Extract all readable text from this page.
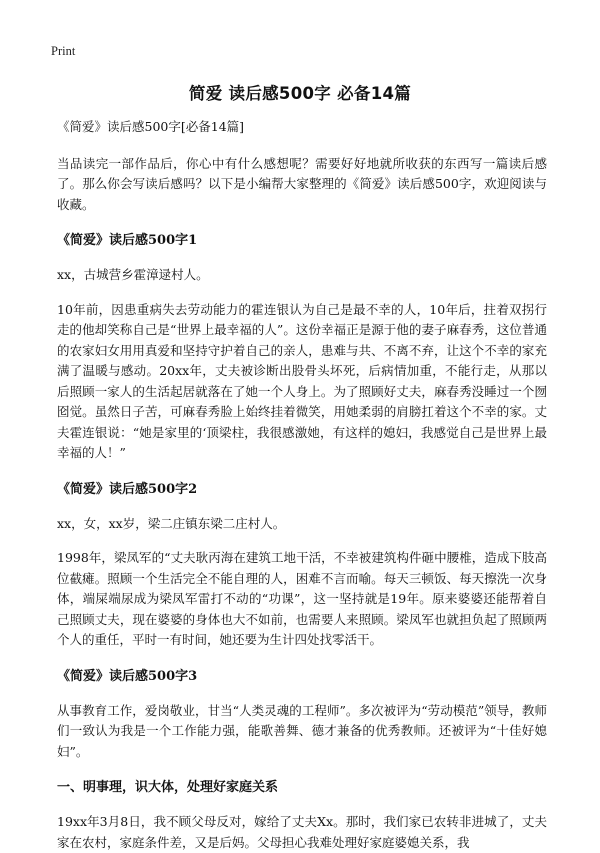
Print
简爱 读后感500字 必备14篇

《简爱》读后感500字[必备14篇]

当品读完一部作品后，你心中有什么感想呢？需要好好地就所收获的东西写一篇读后感了。那么你会写读后感吗？以下是小编帮大家整理的《简爱》读后感500字，欢迎阅读与收藏。

《简爱》读后感500字1

xx，古城营乡霍漳逯村人。

10年前，因患重病失去劳动能力的霍连银认为自己是最不幸的人，10年后，拄着双拐行走的他却笑称自己是“世界上最幸福的人”。这份幸福正是源于他的妻子麻春秀，这位普通的农家妇女用用真爱和坚持守护着自己的亲人，患难与共、不离不弃，让这个不幸的家充满了温暖与感动。20xx年，丈夫被诊断出股骨头坏死，后病情加重，不能行走，从那以后照顾一家人的生活起居就落在了她一个人身上。为了照顾好丈夫，麻春秀没睡过一个囫囵觉。虽然日子苦，可麻春秀脸上始终挂着微笑，用她柔弱的肩膀扛着这个不幸的家。丈夫霍连银说：“她是家里的‘顶梁柱，我很感激她，有这样的媳妇，我感觉自己是世界上最幸福的人！”

《简爱》读后感500字2

xx，女，xx岁，梁二庄镇东梁二庄村人。

1998年，梁凤军的“丈夫耿丙海在建筑工地干活，不幸被建筑构件砸中腰椎，造成下肢高位截瘫。照顾一个生活完全不能自理的人，困难不言而喻。每天三顿饭、每天擦洗一次身体，端屎端尿成为梁凤军雷打不动的“功课”，这一坚持就是19年。原来婆婆还能帮着自己照顾丈夫，现在婆婆的身体也大不如前，也需要人来照顾。梁凤军也就担负起了照顾两个人的重任，平时一有时间，她还要为生计四处找零活干。

《简爱》读后感500字3

从事教育工作，爱岗敬业，甘当“人类灵魂的工程师”。多次被评为“劳动模范”领导，教师们一致认为我是一个工作能力强，能歌善舞、德才兼备的优秀教师。还被评为“十佳好媳妇”。

一、明事理，识大体，处理好家庭关系

19xx年3月8日，我不顾父母反对，嫁给了丈夫Xx。那时，我们家已农转非进城了，丈夫家在农村，家庭条件差，又是后妈。父母担心我难处理好家庭婆媳关系，我
